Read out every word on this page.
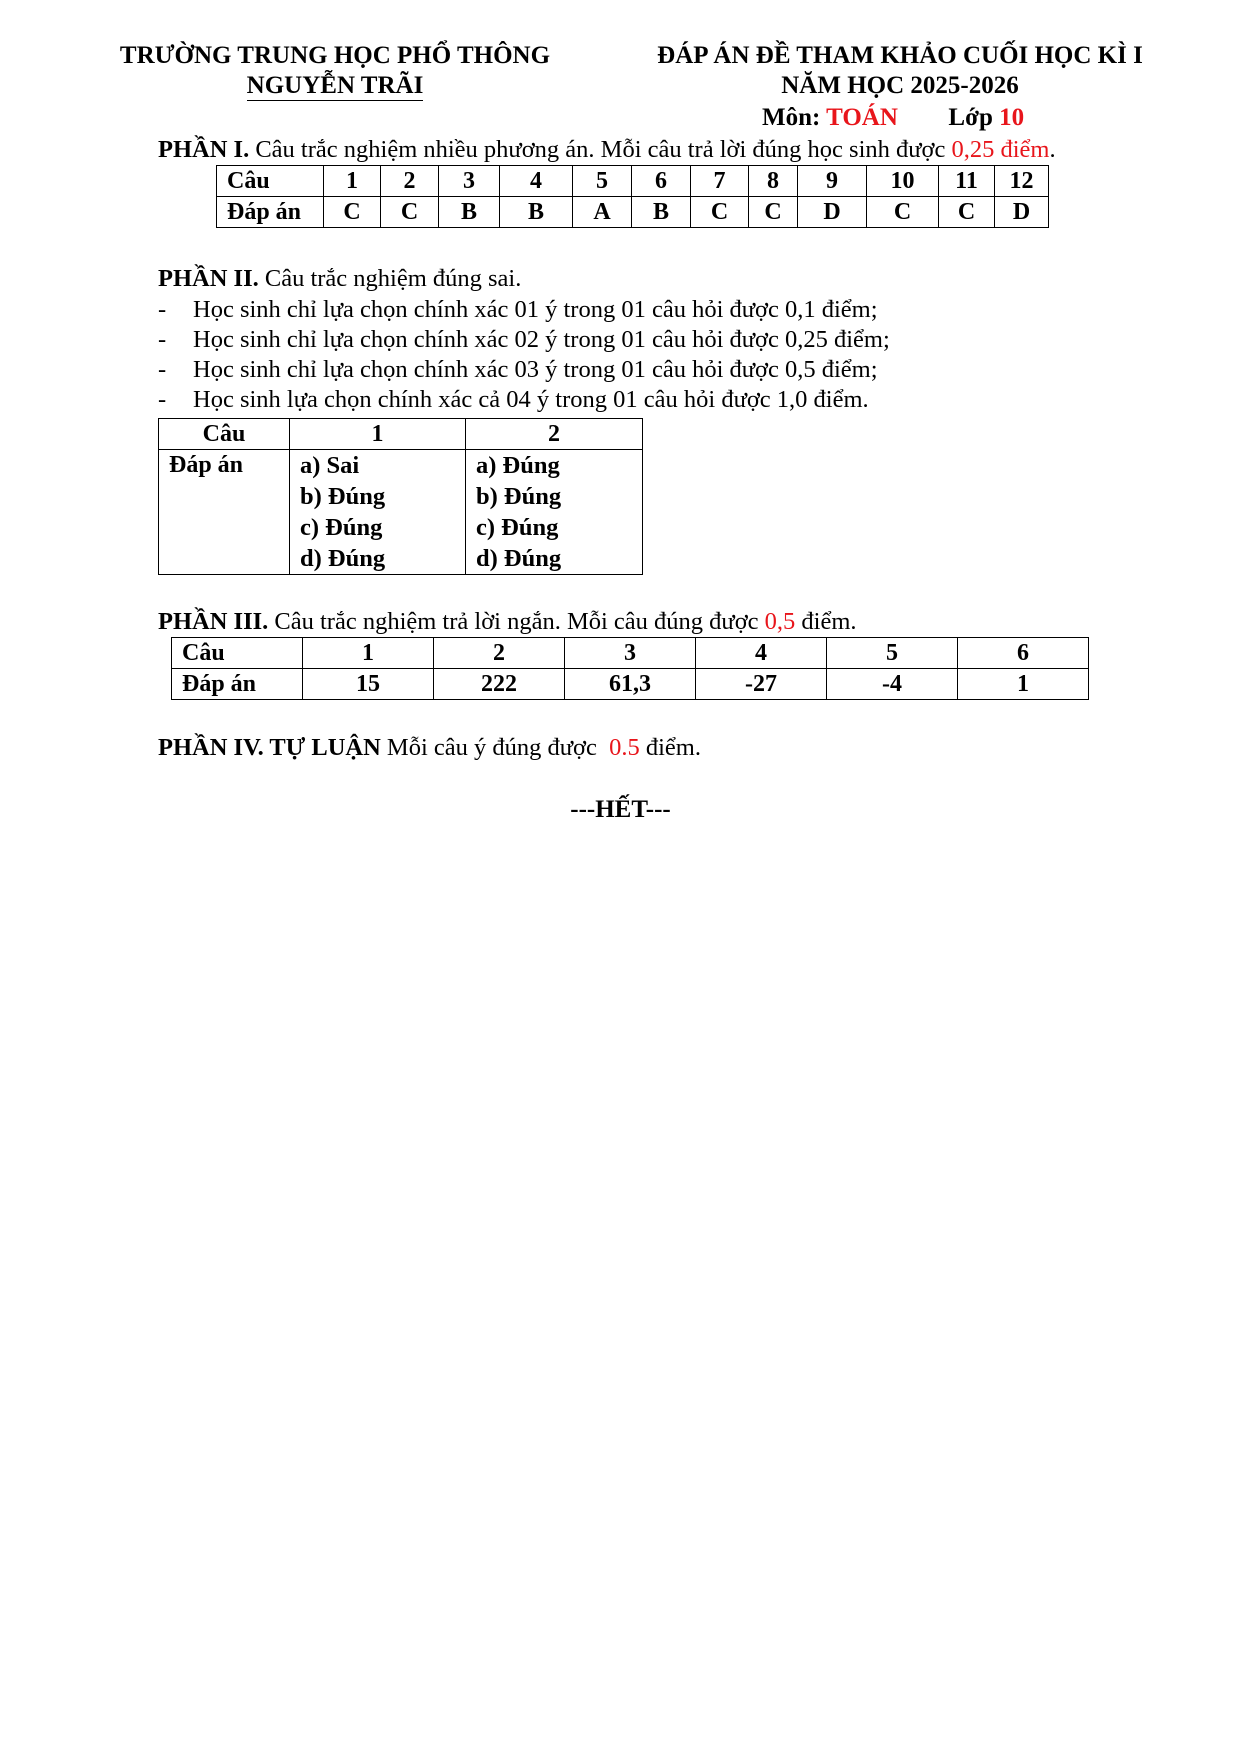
TRƯỜNG TRUNG HỌC PHỔ THÔNG
NGUYỄN TRÃI
ĐÁP ÁN ĐỀ THAM KHẢO CUỐI HỌC KÌ I
NĂM HỌC 2025-2026
Môn: TOÁN Lớp 10
PHẦN I. Câu trắc nghiệm nhiều phương án. Mỗi câu trả lời đúng học sinh được 0,25 điểm.
Câu	1	2	3	4	5	6	7	8	9	10	11	12
Đáp án	C	C	B	B	A	B	C	C	D	C	C	D
PHẦN II. Câu trắc nghiệm đúng sai.
- Học sinh chỉ lựa chọn chính xác 01 ý trong 01 câu hỏi được 0,1 điểm;
- Học sinh chỉ lựa chọn chính xác 02 ý trong 01 câu hỏi được 0,25 điểm;
- Học sinh chỉ lựa chọn chính xác 03 ý trong 01 câu hỏi được 0,5 điểm;
- Học sinh lựa chọn chính xác cả 04 ý trong 01 câu hỏi được 1,0 điểm.
Câu	1	2
Đáp án	a) Sai
b) Đúng
c) Đúng
d) Đúng	a) Đúng
b) Đúng
c) Đúng
d) Đúng
PHẦN III. Câu trắc nghiệm trả lời ngắn. Mỗi câu đúng được 0,5 điểm.
Câu	1	2	3	4	5	6
Đáp án	15	222	61,3	-27	-4	1
PHẦN IV. TỰ LUẬN Mỗi câu ý đúng được  0.5 điểm.
---HẾT---
